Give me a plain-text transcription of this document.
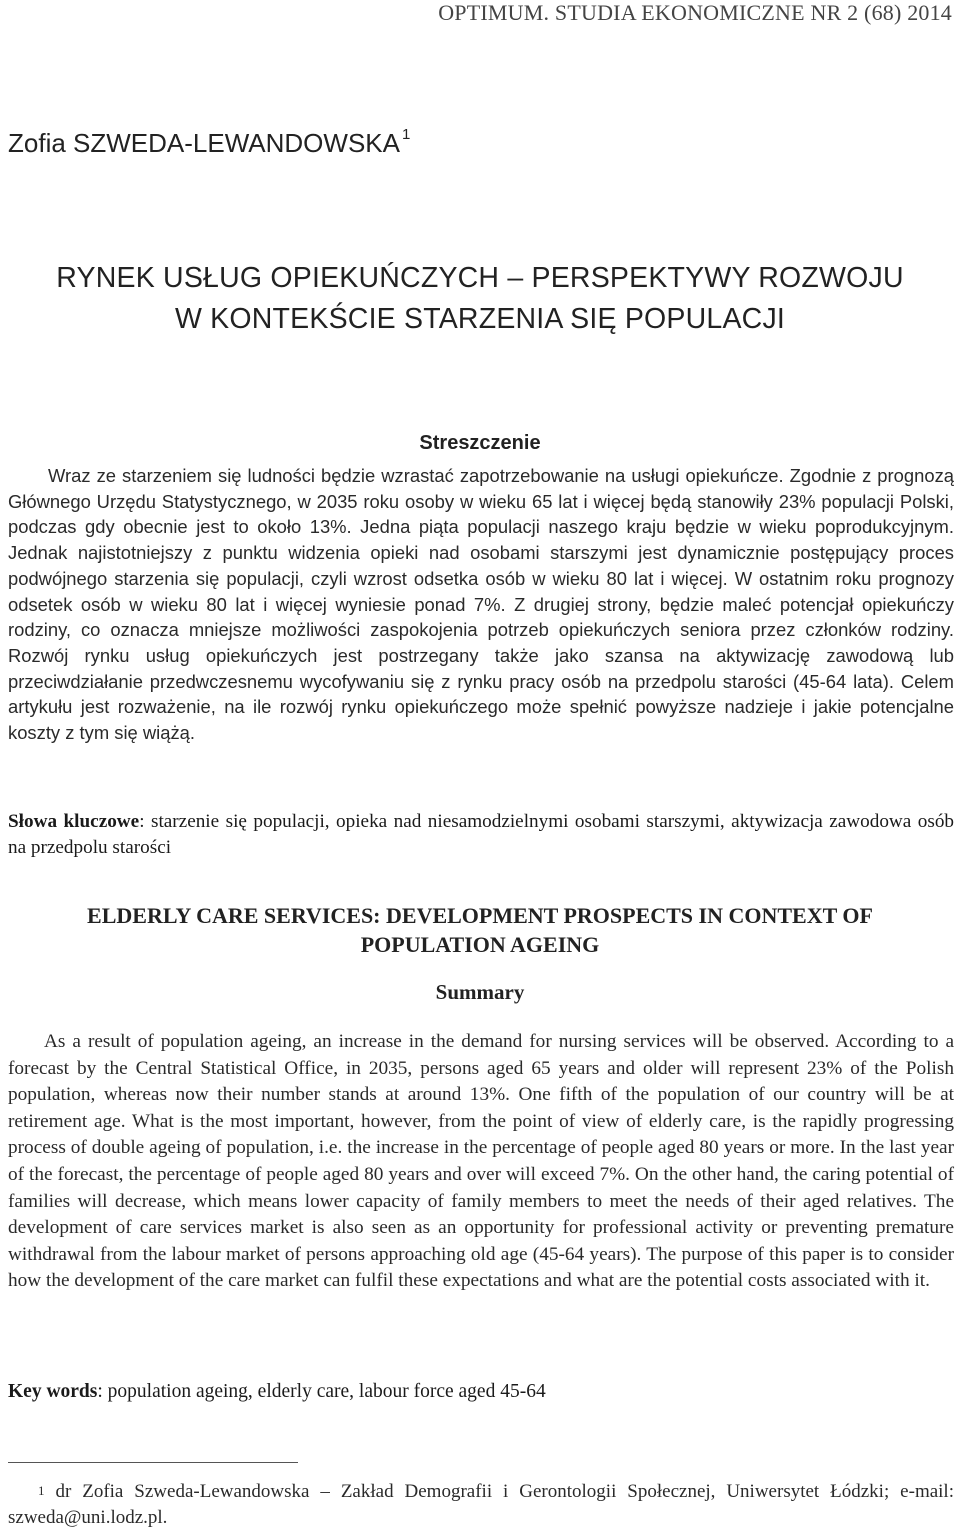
OPTIMUM. STUDIA EKONOMICZNE NR 2 (68) 2014
Zofia SZWEDA-LEWANDOWSKA $^1$
RYNEK USŁUG OPIEKUŃCZYCH – PERSPEKTYWY ROZWOJU
W KONTEKŚCIE STARZENIA SIĘ POPULACJI
Streszczenie
Wraz ze starzeniem się ludności będzie wzrastać zapotrzebowanie na usługi opiekuńcze. Zgodnie z prognozą Głównego Urzędu Statystycznego, w 2035 roku osoby w wieku 65 lat i więcej będą stanowiły 23% populacji Polski, podczas gdy obecnie jest to około 13%. Jedna piąta populacji naszego kraju będzie w wieku poprodukcyjnym. Jednak najistotniejszy z punktu widzenia opieki nad osobami starszymi jest dynamicznie postępujący proces podwójnego starzenia się populacji, czyli wzrost odsetka osób w wieku 80 lat i więcej. W ostatnim roku prognozy odsetek osób w wieku 80 lat i więcej wyniesie ponad 7%. Z drugiej strony, będzie maleć potencjał opiekuńczy rodziny, co oznacza mniejsze możliwości zaspokojenia potrzeb opiekuńczych seniora przez członków rodziny. Rozwój rynku usług opiekuńczych jest postrzegany także jako szansa na aktywizację zawodową lub przeciwdziałanie przedwczesnemu wycofywaniu się z rynku pracy osób na przedpolu starości (45-64 lata). Celem artykułu jest rozważenie, na ile rozwój rynku opiekuńczego może spełnić powyższe nadzieje i jakie potencjalne koszty z tym się wiążą.
Słowa kluczowe: starzenie się populacji, opieka nad niesamodzielnymi osobami starszymi, aktywizacja zawodowa osób na przedpolu starości
ELDERLY CARE SERVICES: DEVELOPMENT PROSPECTS IN CONTEXT OF
POPULATION AGEING
Summary
As a result of population ageing, an increase in the demand for nursing services will be observed. According to a forecast by the Central Statistical Office, in 2035, persons aged 65 years and older will represent 23% of the Polish population, whereas now their number stands at around 13%. One fifth of the population of our country will be at retirement age. What is the most important, however, from the point of view of elderly care, is the rapidly progressing process of double ageing of population, i.e. the increase in the percentage of people aged 80 years or more. In the last year of the forecast, the percentage of people aged 80 years and over will exceed 7%. On the other hand, the caring potential of families will decrease, which means lower capacity of family members to meet the needs of their aged relatives. The development of care services market is also seen as an opportunity for professional activity or preventing premature withdrawal from the labour market of persons approaching old age (45-64 years). The purpose of this paper is to consider how the development of the care market can fulfil these expectations and what are the potential costs associated with it.
Key words: population ageing, elderly care, labour force aged 45-64
$^1$ dr Zofia Szweda-Lewandowska – Zakład Demografii i Gerontologii Społecznej, Uniwersytet Łódzki; e-mail: szweda@uni.lodz.pl.
